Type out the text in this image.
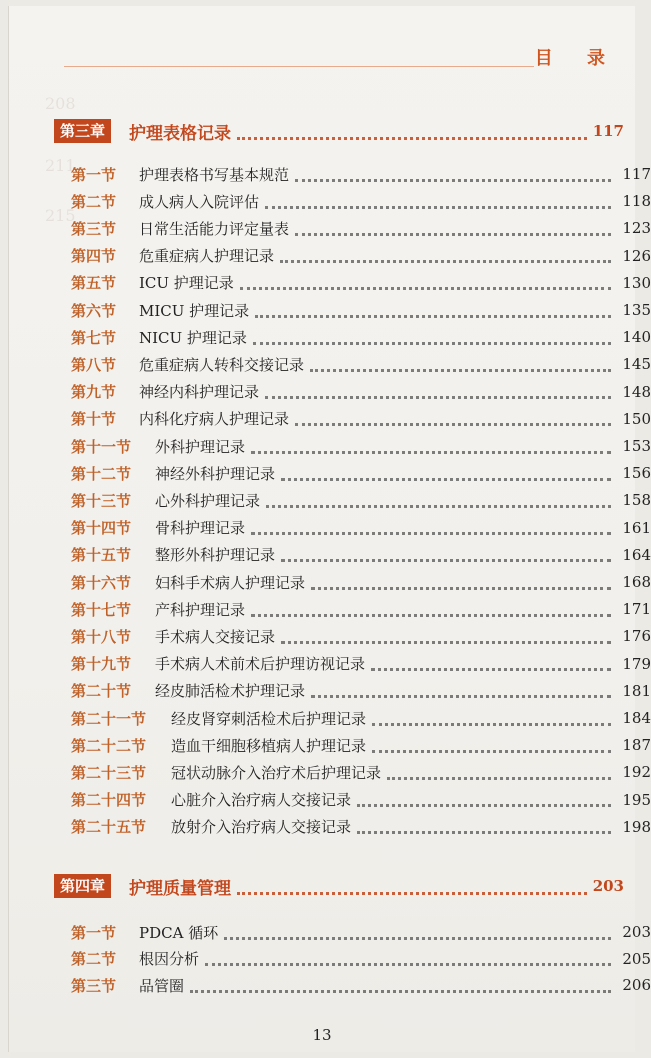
208
211
215
目 录
第三章	护理表格记录	117
第一节	护理表格书写基本规范	117
第二节	成人病人入院评估	118
第三节	日常生活能力评定量表	123
第四节	危重症病人护理记录	126
第五节	ICU 护理记录	130
第六节	MICU 护理记录	135
第七节	NICU 护理记录	140
第八节	危重症病人转科交接记录	145
第九节	神经内科护理记录	148
第十节	内科化疗病人护理记录	150
第十一节	外科护理记录	153
第十二节	神经外科护理记录	156
第十三节	心外科护理记录	158
第十四节	骨科护理记录	161
第十五节	整形外科护理记录	164
第十六节	妇科手术病人护理记录	168
第十七节	产科护理记录	171
第十八节	手术病人交接记录	176
第十九节	手术病人术前术后护理访视记录	179
第二十节	经皮肺活检术护理记录	181
第二十一节	经皮肾穿刺活检术后护理记录	184
第二十二节	造血干细胞移植病人护理记录	187
第二十三节	冠状动脉介入治疗术后护理记录	192
第二十四节	心脏介入治疗病人交接记录	195
第二十五节	放射介入治疗病人交接记录	198
第四章	护理质量管理	203
第一节	PDCA 循环	203
第二节	根因分析	205
第三节	品管圈	206
13
